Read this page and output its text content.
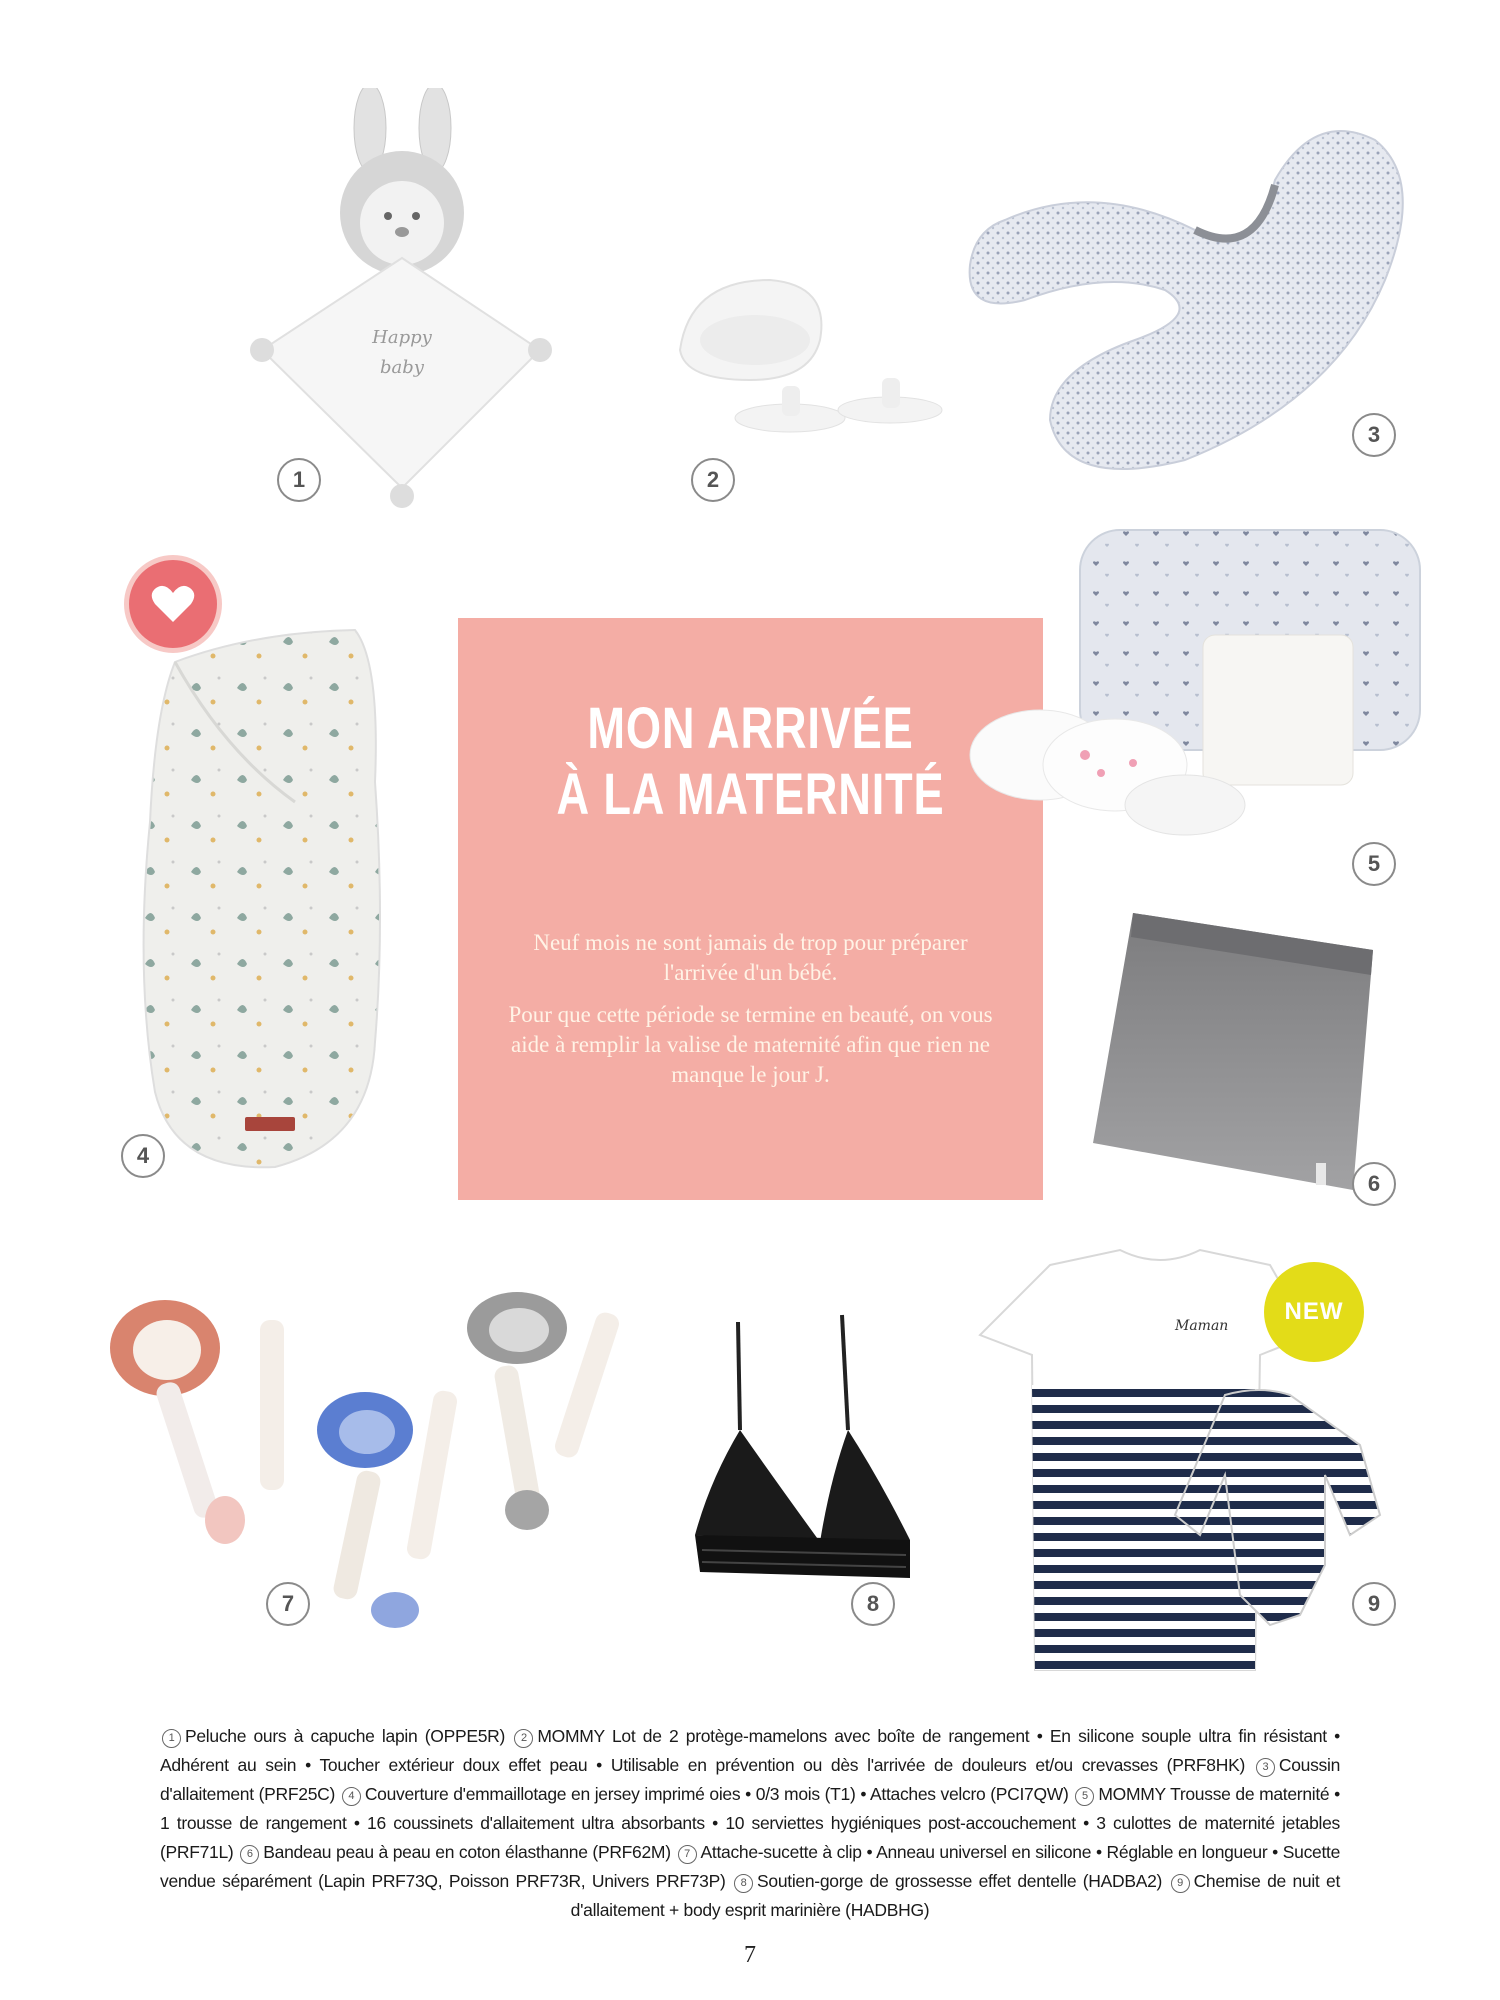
Happy
baby
1	2
3
4
MON ARRIVÉE
À LA MATERNITÉ

Neuf mois ne sont jamais de trop pour préparer l'arrivée d'un bébé.

Pour que cette période se termine en beauté, on vous aide à remplir la valise de maternité afin que rien ne manque le jour J.

5
6
7	8
Maman
NEW
9
1 Peluche ours à capuche lapin (OPPE5R) 2 MOMMY Lot de 2 protège-mamelons avec boîte de rangement • En silicone souple ultra fin résistant • Adhérent au sein • Toucher extérieur doux effet peau • Utilisable en prévention ou dès l'arrivée de douleurs et/ou crevasses (PRF8HK) 3 Coussin d'allaitement (PRF25C) 4 Couverture d'emmaillotage en jersey imprimé oies • 0/3 mois (T1) • Attaches velcro (PCI7QW) 5 MOMMY Trousse de maternité • 1 trousse de rangement • 16 coussinets d'allaitement ultra absorbants • 10 serviettes hygiéniques post-accouchement • 3 culottes de maternité jetables (PRF71L) 6 Bandeau peau à peau en coton élasthanne (PRF62M) 7 Attache-sucette à clip • Anneau universel en silicone • Réglable en longueur • Sucette vendue séparément (Lapin PRF73Q, Poisson PRF73R, Univers PRF73P) 8 Soutien-gorge de grossesse effet dentelle (HADBA2) 9 Chemise de nuit et d'allaitement + body esprit marinière (HADBHG)
7
